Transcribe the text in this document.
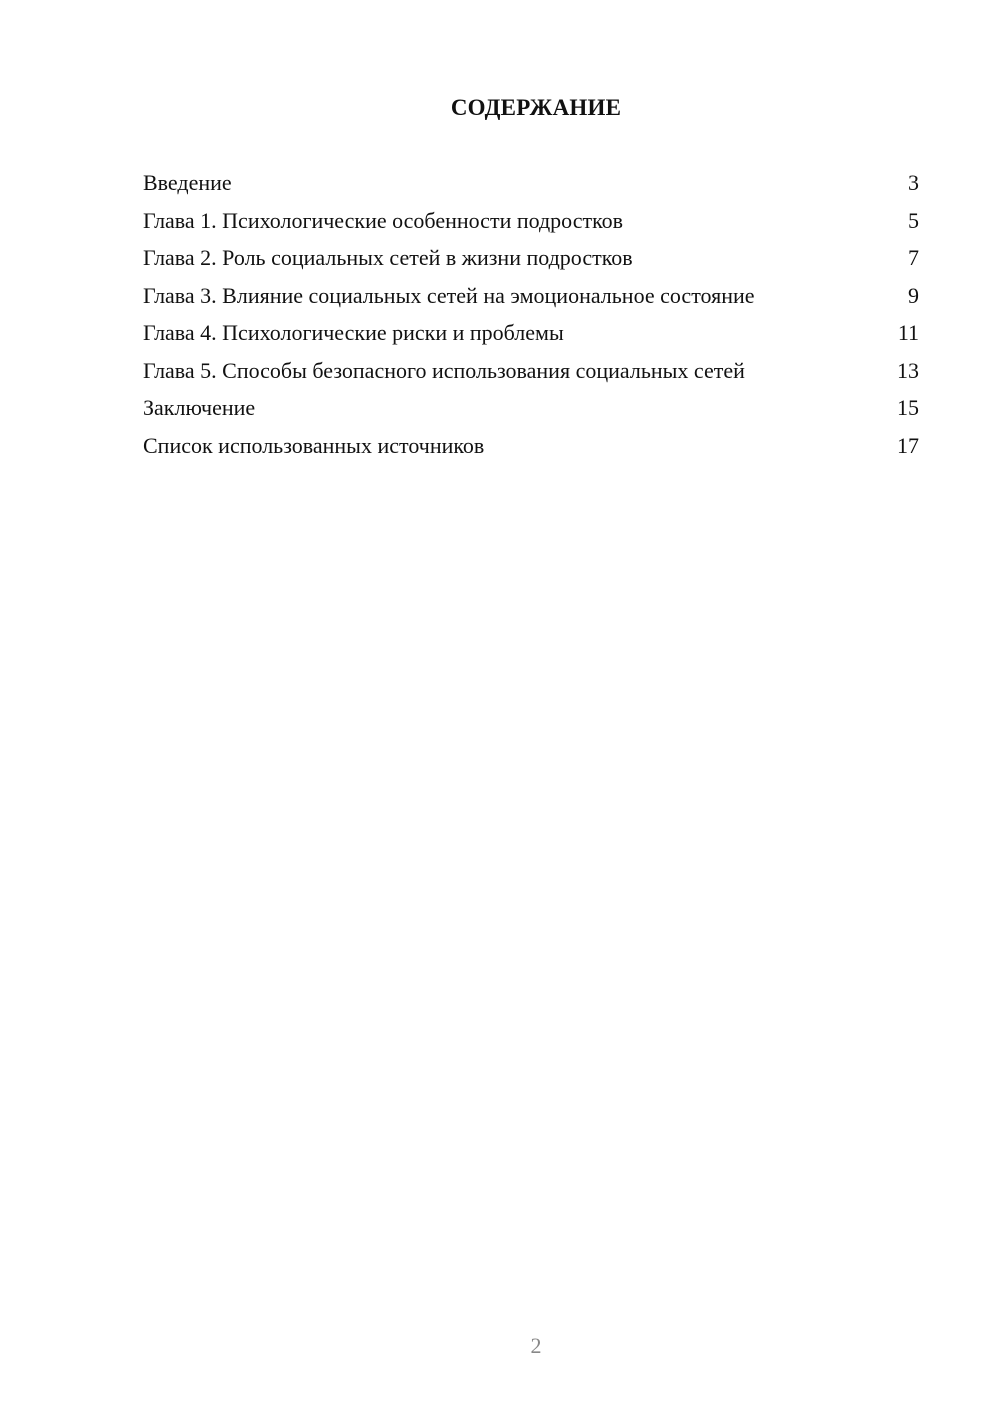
СОДЕРЖАНИЕ
Введение	3
Глава 1. Психологические особенности подростков	5
Глава 2. Роль социальных сетей в жизни подростков	7
Глава 3. Влияние социальных сетей на эмоциональное состояние	9
Глава 4. Психологические риски и проблемы	11
Глава 5. Способы безопасного использования социальных сетей	13
Заключение	15
Список использованных источников	17
2
